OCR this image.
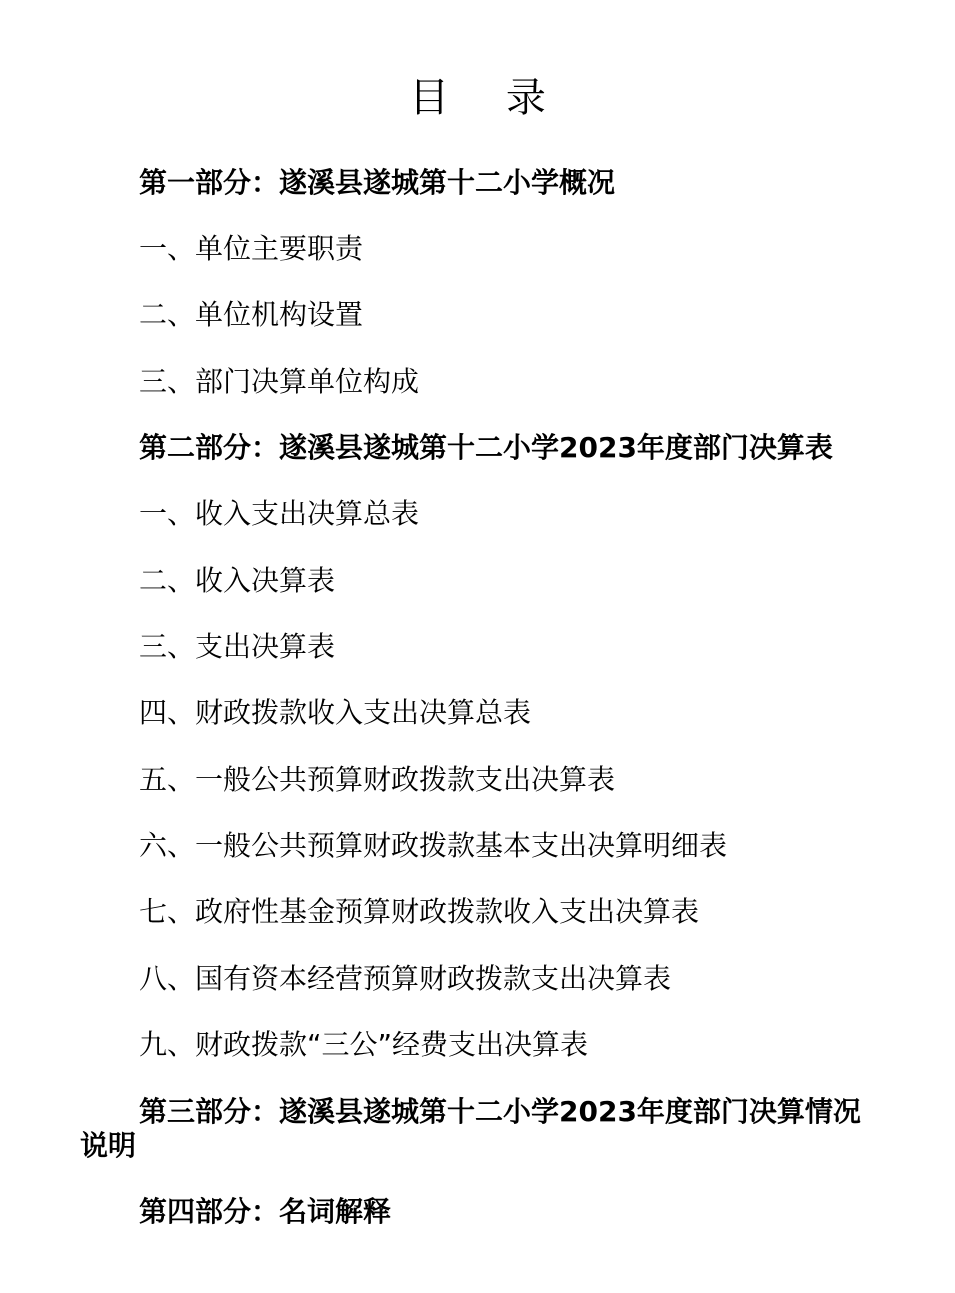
目 录
第一部分：遂溪县遂城第十二小学概况
一、单位主要职责
二、单位机构设置
三、部门决算单位构成
第二部分：遂溪县遂城第十二小学2023年度部门决算表
一、收入支出决算总表
二、收入决算表
三、支出决算表
四、财政拨款收入支出决算总表
五、一般公共预算财政拨款支出决算表
六、一般公共预算财政拨款基本支出决算明细表
七、政府性基金预算财政拨款收入支出决算表
八、国有资本经营预算财政拨款支出决算表
九、财政拨款“三公”经费支出决算表
第三部分：遂溪县遂城第十二小学2023年度部门决算情况说明
第四部分：名词解释
